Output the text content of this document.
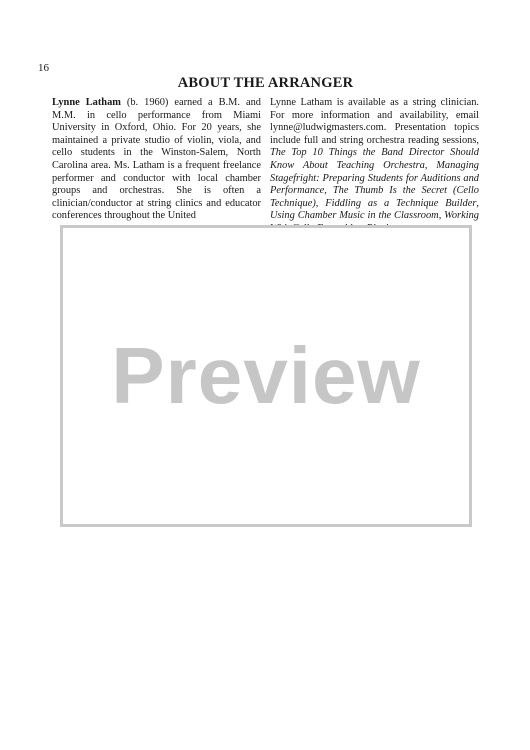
16
ABOUT THE ARRANGER

Lynne Latham (b. 1960) earned a B.M. and M.M. in cello performance from Miami University in Oxford, Ohio. For 20 years, she maintained a private studio of violin, viola, and cello students in the Winston-Salem, North Carolina area. Ms. Latham is a frequent freelance performer and conductor with local chamber groups and orchestras. She is often a clinician/conductor at string clinics and educator conferences throughout the United

Lynne Latham is available as a string clinician. For more information and availability, email lynne@ludwigmasters.com. Presentation topics include full and string orchestra reading sessions, The Top 10 Things the Band Director Should Know About Teaching Orchestra, Managing Stagefright: Preparing Students for Auditions and Performance, The Thumb Is the Secret (Cello Technique), Fiddling as a Technique Builder, Using Chamber Music in the Classroom, Working

Preview
